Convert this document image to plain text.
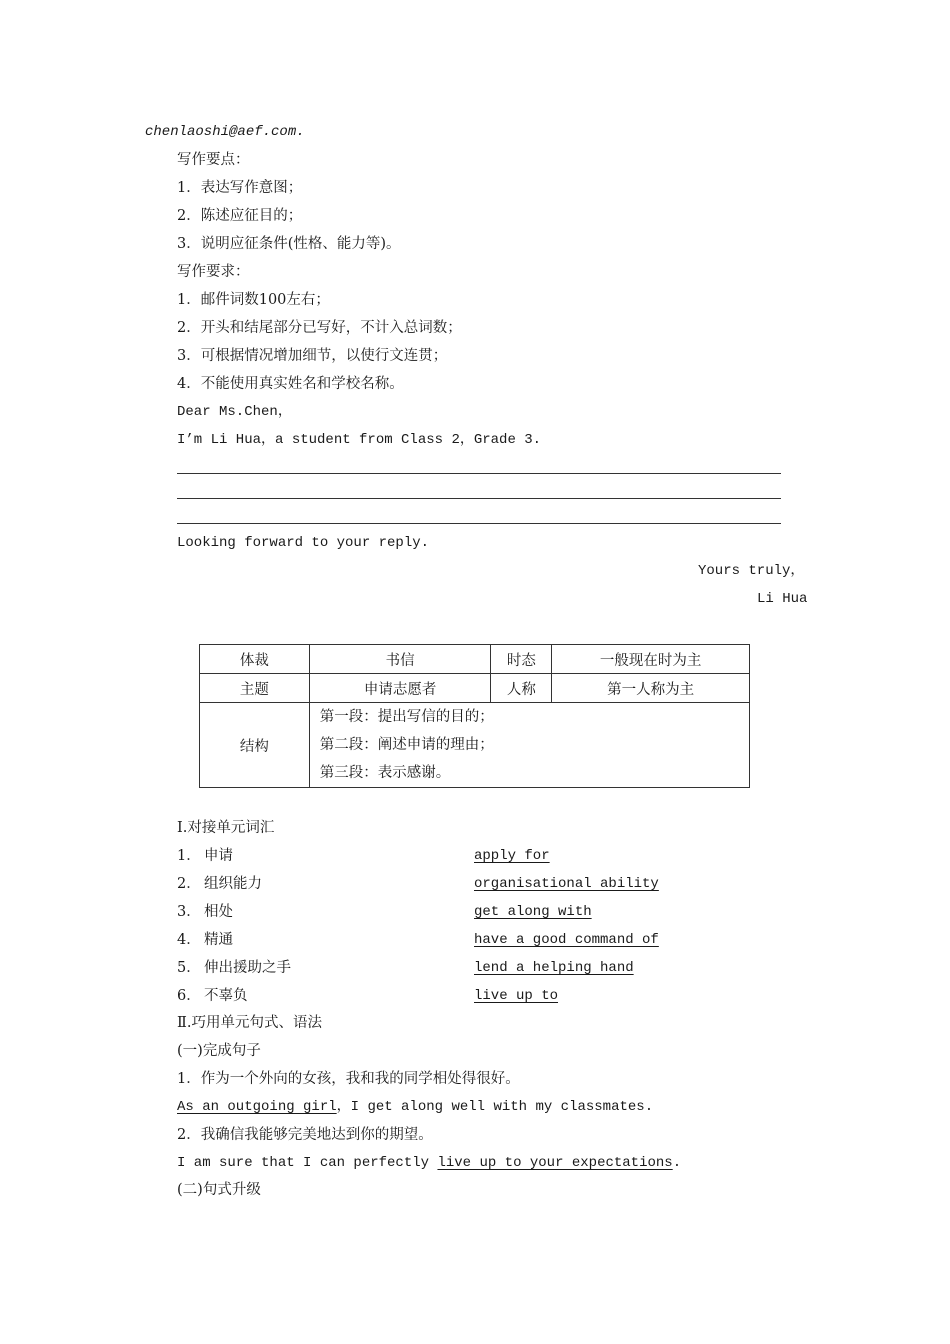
chenlaoshi@aef.com.
写作要点：
1．表达写作意图；
2．陈述应征目的；
3．说明应征条件(性格、能力等)。
写作要求：
1．邮件词数100左右；
2．开头和结尾部分已写好，不计入总词数；
3．可根据情况增加细节，以使行文连贯；
4．不能使用真实姓名和学校名称。
Dear Ms.Chen，
I’m Li Hua，a student from Class 2，Grade 3.
Looking forward to your reply.
Yours truly，
Li Hua
体裁	书信	时态	一般现在时为主
主题	申请志愿者	人称	第一人称为主
结构	第一段：提出写信的目的；
第二段：阐述申请的理由；
第三段：表示感谢。		
Ⅰ.对接单元词汇
1． 申请	apply for
2． 组织能力	organisational ability
3． 相处	get along with
4． 精通	have a good command of
5． 伸出援助之手	lend a helping hand
6． 不辜负	live up to
Ⅱ.巧用单元句式、语法
(一)完成句子
1．作为一个外向的女孩，我和我的同学相处得很好。
As an outgoing girl，I get along well with my classmates.
2．我确信我能够完美地达到你的期望。
I am sure that I can perfectly live up to your expectations.
(二)句式升级
